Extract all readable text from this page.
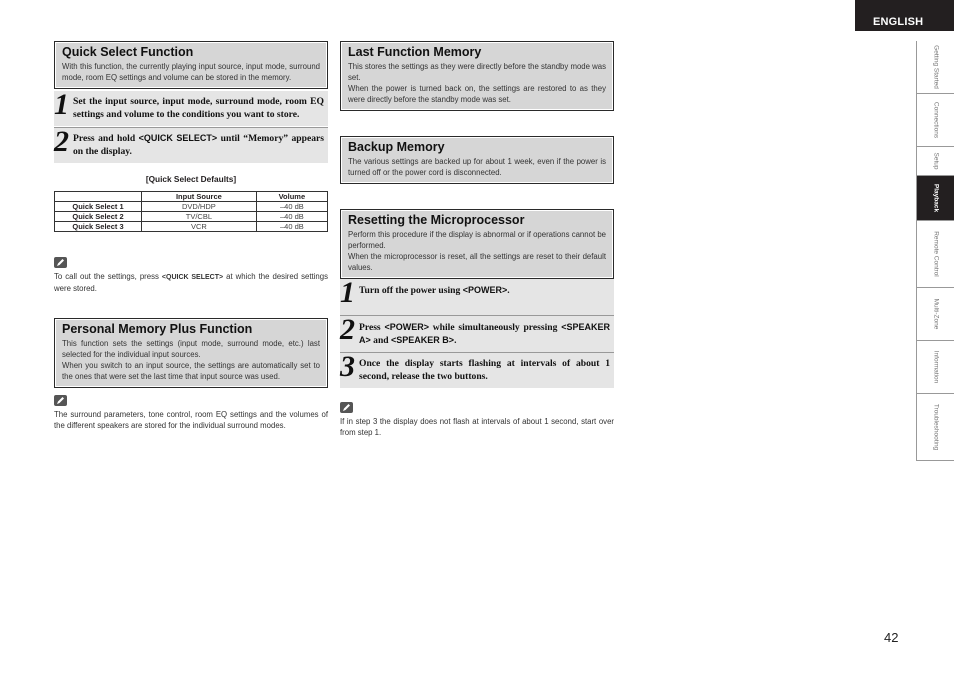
ENGLISH
Getting Started
Connections
Setup
Playback
Remote Control
Multi-Zone
Information
Troubleshooting
Quick Select Function

With this function, the currently playing input source, input mode, surround mode, room EQ settings and volume can be stored in the memory.

1 Set the input source, input mode, surround mode, room EQ settings and volume to the conditions you want to store.
2 Press and hold <QUICK SELECT> until “Memory” appears on the display.

[Quick Select Defaults]

	Input Source	Volume
Quick Select 1	DVD/HDP	–40 dB
Quick Select 2	TV/CBL	–40 dB
Quick Select 3	VCR	–40 dB

To call out the settings, press <QUICK SELECT> at which the desired settings were stored.

Personal Memory Plus Function

This function sets the settings (input mode, surround mode, etc.) last selected for the individual input sources.

When you switch to an input source, the settings are automatically set to the ones that were set the last time that input source was used.

The surround parameters, tone control, room EQ settings and the volumes of the different speakers are stored for the individual surround modes.

Last Function Memory

This stores the settings as they were directly before the standby mode was set.

When the power is turned back on, the settings are restored to as they were directly before the standby mode was set.

Backup Memory

The various settings are backed up for about 1 week, even if the power is turned off or the power cord is disconnected.

Resetting the Microprocessor

Perform this procedure if the display is abnormal or if operations cannot be performed.

When the microprocessor is reset, all the settings are reset to their default values.

1 Turn off the power using <POWER>.
2 Press <POWER> while simultaneously pressing <SPEAKER A> and <SPEAKER B>.
3 Once the display starts flashing at intervals of about 1 second, release the two buttons.

If in step 3 the display does not flash at intervals of about 1 second, start over from step 1.

42
